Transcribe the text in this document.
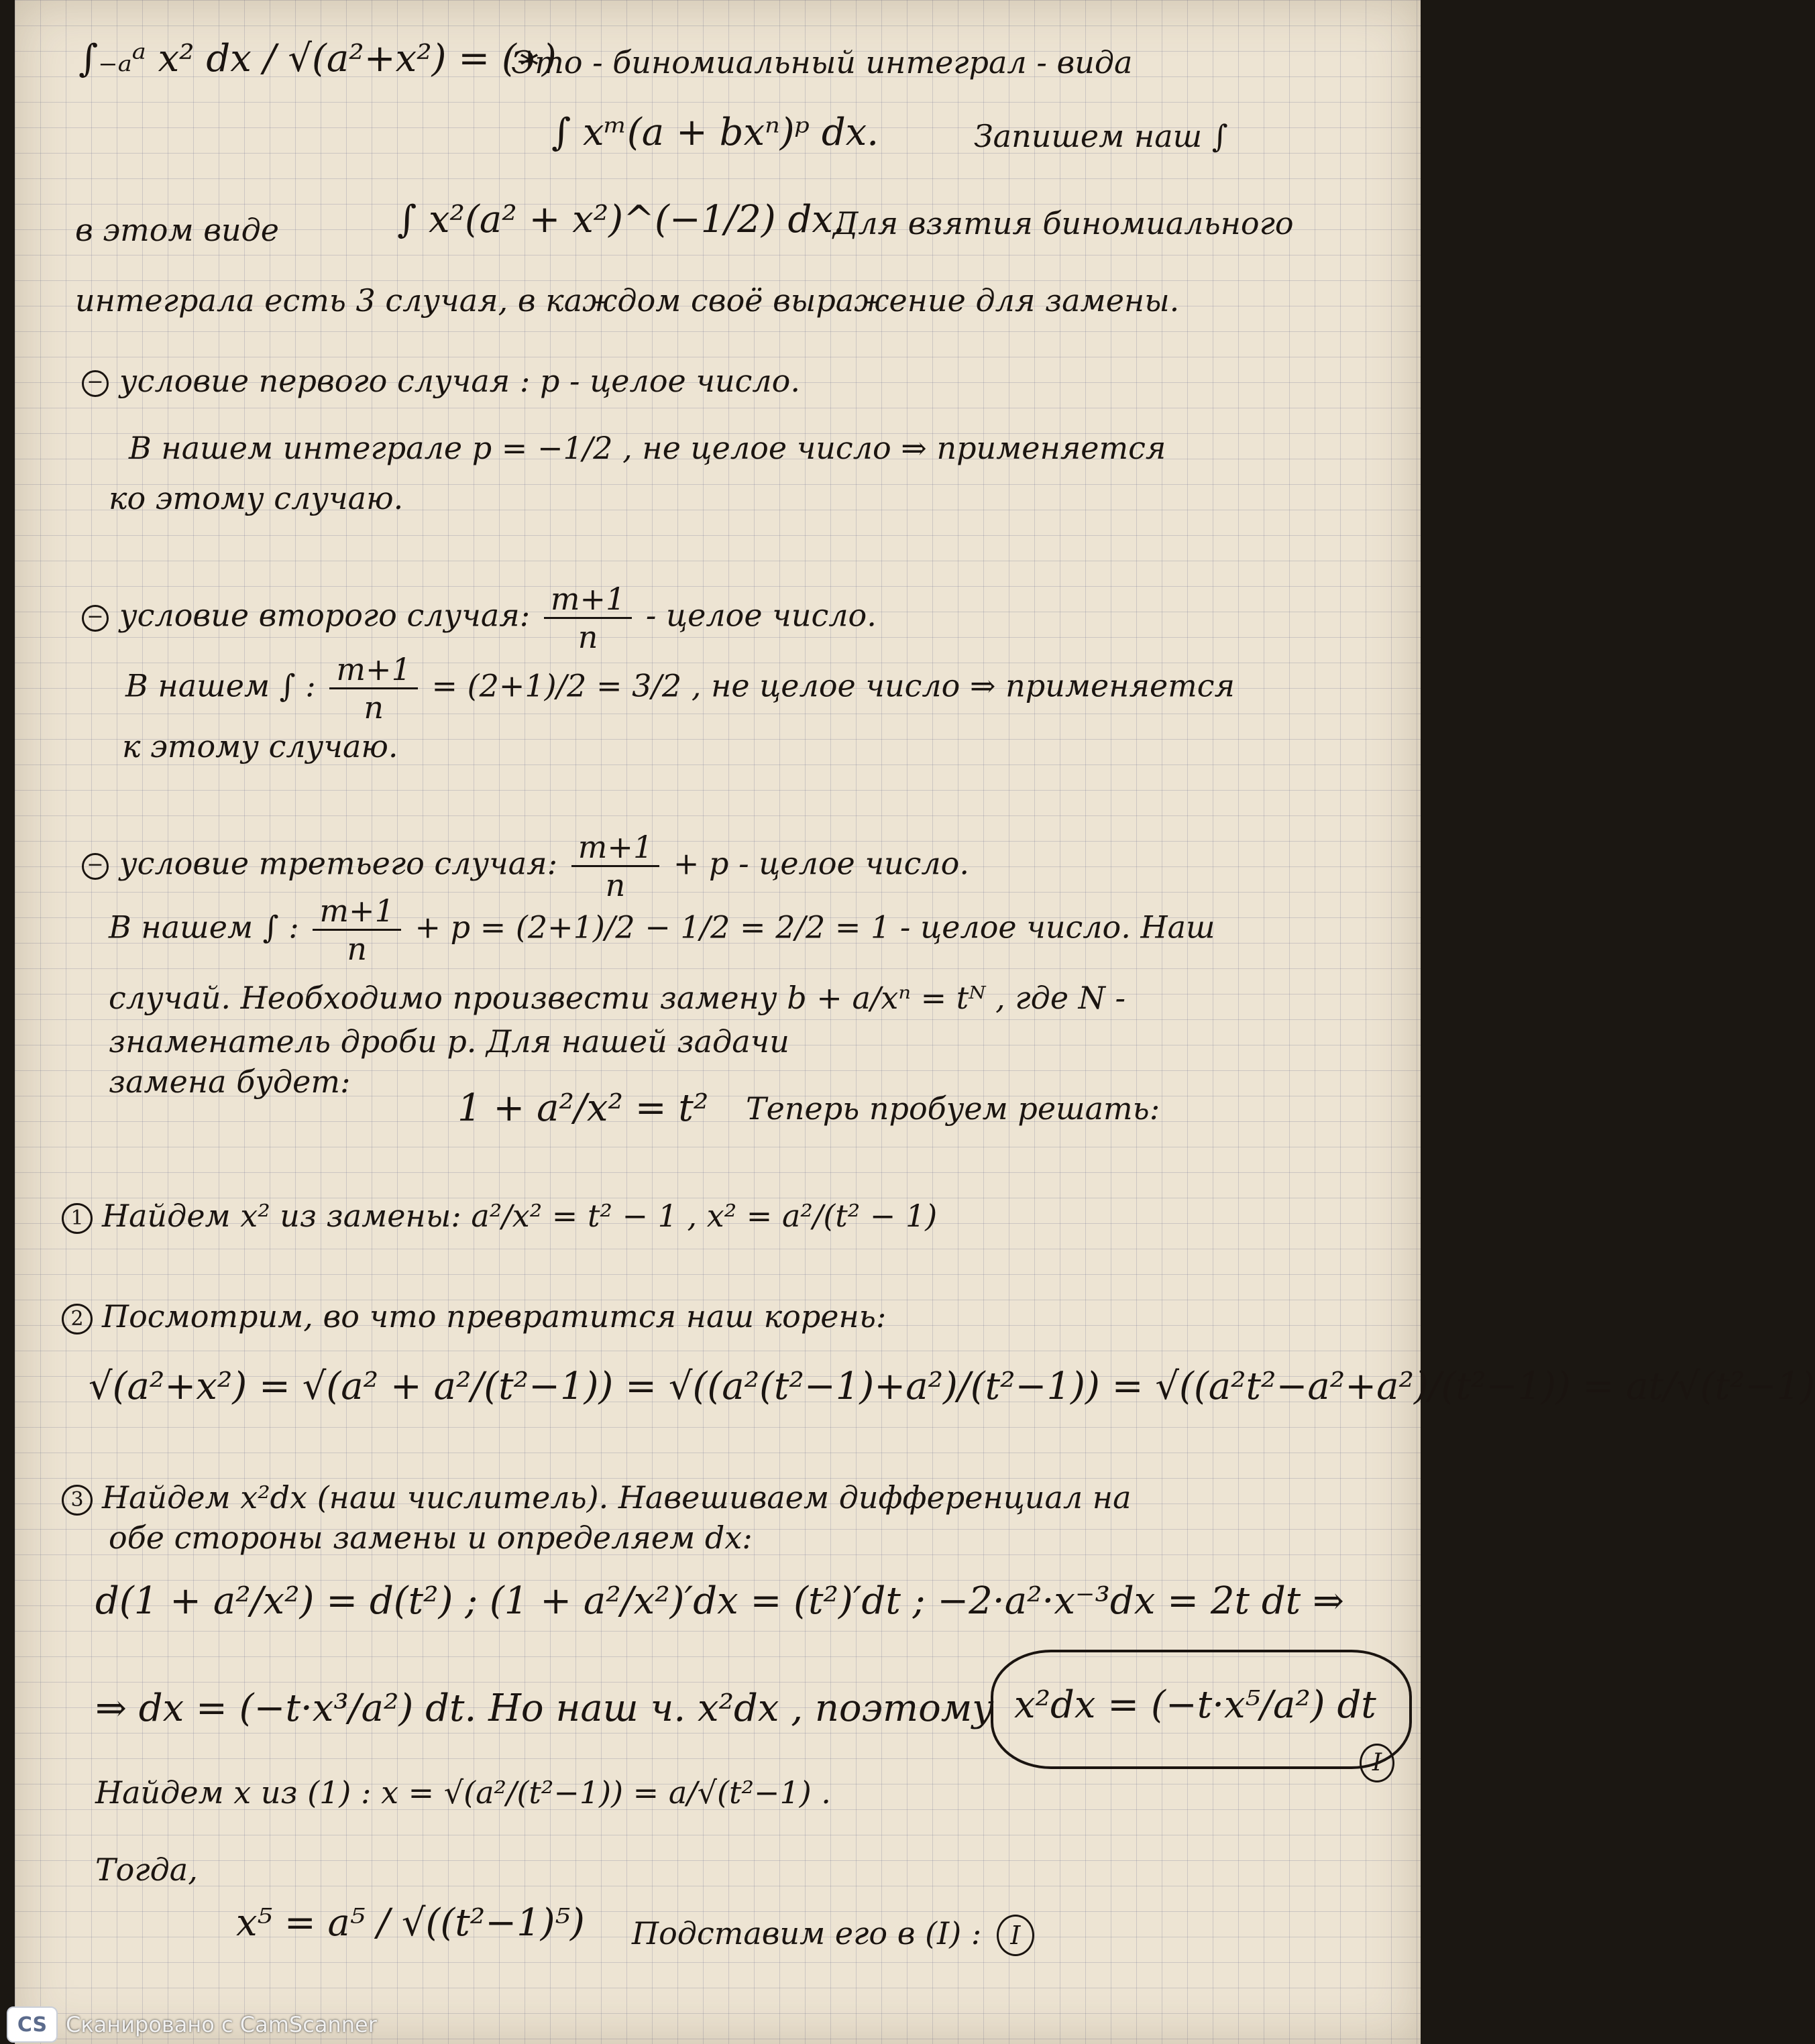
∫₋ₐᵃ x² dx / √(a²+x²) = (∗)
Это - биномиальный интеграл - вида
∫ xᵐ(a + bxⁿ)ᵖ dx.	Запишем наш ∫
в этом виде	∫ x²(a² + x²)^(−1/2) dx.
Для взятия биномиального
интеграла есть 3 случая, в каждом своё выражение для замены.
− условие первого случая : p - целое число.
В нашем интеграле p = −1/2 , не целое число ⇒ применяется
ко этому случаю.
− условие второго случая: $\frac{m+1}{n}$ - целое число.
В нашем ∫ : $\frac{m+1}{n} = (2+1)/2 = 3/2$ , не целое число ⇒ применяется
к этому случаю.
− условие третьего случая: $\frac{m+1}{n} + p$ - целое число.
В нашем ∫ : $\frac{m+1}{n} + p = (2+1)/2 - 1/2 = 2/2 = 1$ - целое число. Наш
случай. Необходимо произвести замену b + a/xⁿ = tᴺ , где N -
знаменатель дроби p. Для нашей задачи
замена будет:
1 + a²/x² = t² Теперь пробуем решать:
1 Найдем x² из замены: a²/x² = t² − 1 , x² = a²/(t² − 1)
2 Посмотрим, во что превратится наш корень:
√(a²+x²) = √(a² + a²/(t²−1)) = √((a²(t²−1)+a²)/(t²−1)) = √((a²t²−a²+a²)/(t²−1)) = at/√(t²−1)
3 Найдем x²dx (наш числитель). Навешиваем дифференциал на
обе стороны замены и определяем dx:
d(1 + a²/x²) = d(t²) ; (1 + a²/x²)′dx = (t²)′dt ; −2·a²·x⁻³dx = 2t dt ⇒
⇒ dx = (−t·x³/a²) dt. Но наш ч. x²dx , поэтому x²dx = (−t·x⁵/a²) dt
I
Найдем x из (1) : x = √(a²/(t²−1)) = a/√(t²−1) .
Тогда,
x⁵ = a⁵ / √((t²−1)⁵) Подставим его в (I) : I
CS Сканировано с CamScanner
